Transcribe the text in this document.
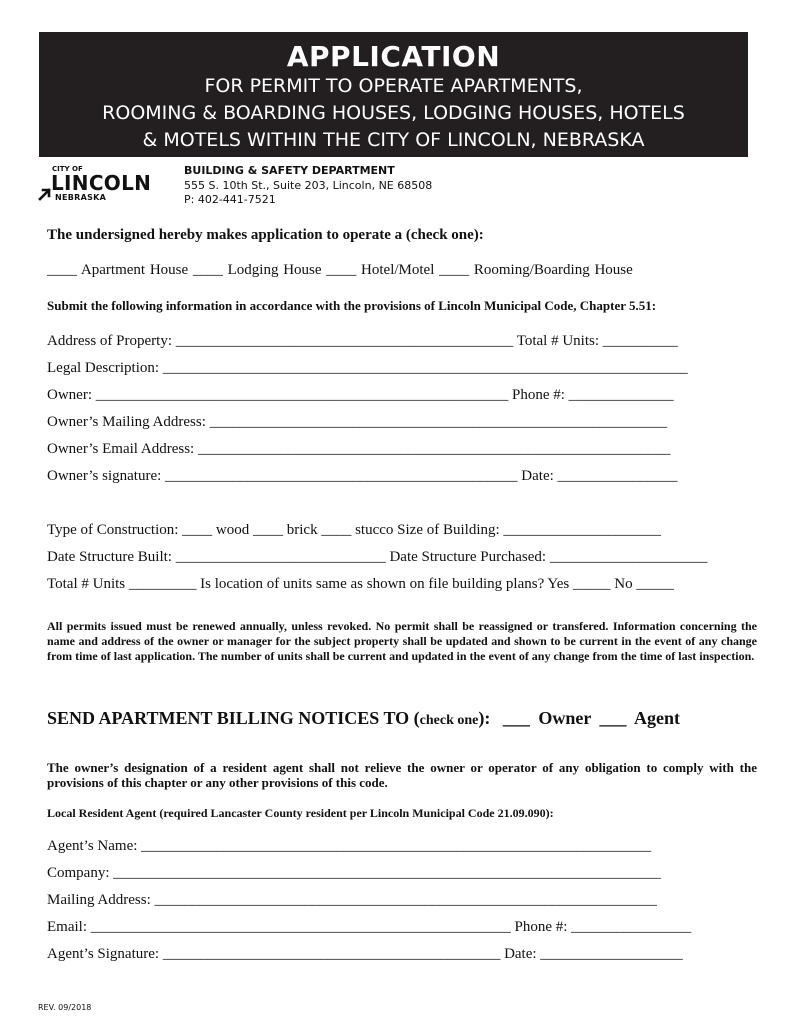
APPLICATION
FOR PERMIT TO OPERATE APARTMENTS,
ROOMING & BOARDING HOUSES, LODGING HOUSES, HOTELS
& MOTELS WITHIN THE CITY OF LINCOLN, NEBRASKA
CITY OF
LINCOLN
NEBRASKA
BUILDING & SAFETY DEPARTMENT
555 S. 10th St., Suite 203, Lincoln, NE 68508
P: 402-441-7521
The undersigned hereby makes application to operate a (check one):
____ Apartment House ____ Lodging House ____ Hotel/Motel ____ Rooming/Boarding House
Submit the following information in accordance with the provisions of Lincoln Municipal Code, Chapter 5.51:
Address of Property: _____________________________________________ Total # Units: __________
Legal Description: ______________________________________________________________________
Owner: _______________________________________________________ Phone #: ______________
Owner’s Mailing Address: _____________________________________________________________
Owner’s Email Address: _______________________________________________________________
Owner’s signature: _______________________________________________ Date: ________________
Type of Construction: ____ wood ____ brick ____ stucco Size of Building: _____________________
Date Structure Built: ____________________________ Date Structure Purchased: _____________________
Total # Units _________ Is location of units same as shown on file building plans? Yes _____ No _____
All permits issued must be renewed annually, unless revoked. No permit shall be reassigned or transfered. Information concerning the name and address of the owner or manager for the subject property shall be updated and shown to be current in the event of any change from time of last application. The number of units shall be current and updated in the event of any change from the time of last inspection.
SEND APARTMENT BILLING NOTICES TO (check one): ___ Owner ___ Agent
The owner’s designation of a resident agent shall not relieve the owner or operator of any obligation to comply with the provisions of this chapter or any other provisions of this code.
Local Resident Agent (required Lancaster County resident per Lincoln Municipal Code 21.09.090):
Agent’s Name: ____________________________________________________________________
Company: _________________________________________________________________________
Mailing Address: ___________________________________________________________________
Email: ________________________________________________________ Phone #: ________________
Agent’s Signature: _____________________________________________ Date: ___________________
REV. 09/2018
